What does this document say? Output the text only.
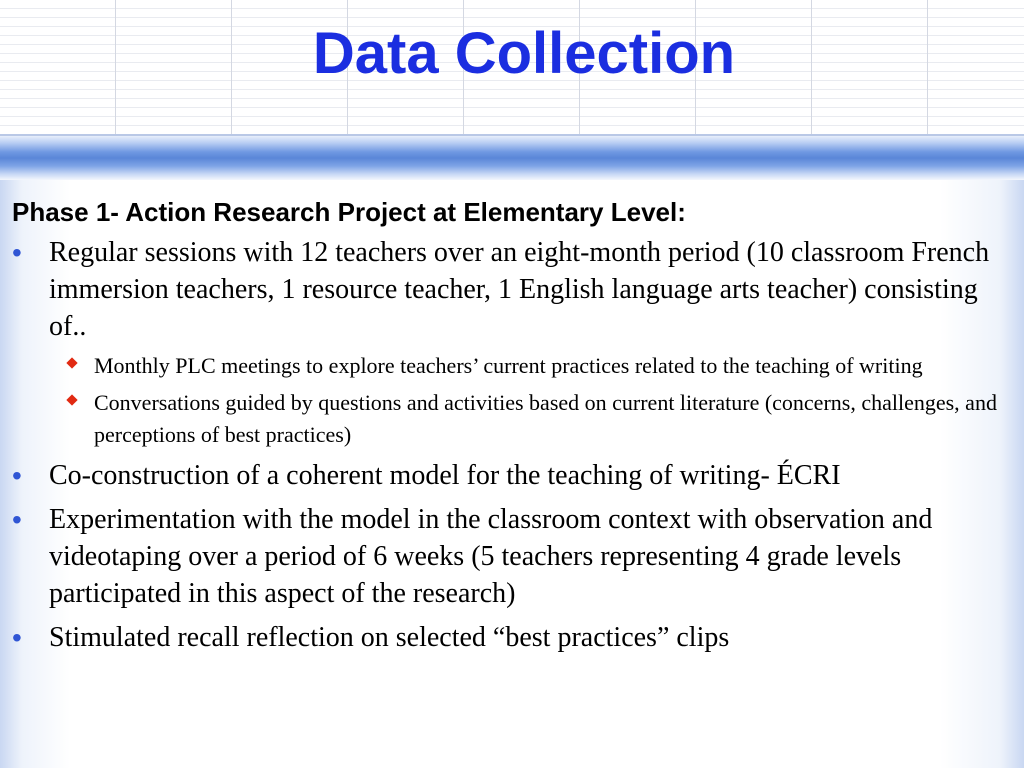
Data Collection
Phase 1- Action Research Project at Elementary Level:
• Regular sessions with 12 teachers over an eight-month period (10 classroom French immersion teachers, 1 resource teacher, 1 English language arts teacher) consisting of..
Monthly PLC meetings to explore teachers’ current practices related to the teaching of writing
Conversations guided by questions and activities based on current literature (concerns, challenges, and perceptions of best practices)
• Co-construction of a coherent model for the teaching of writing- ÉCRI
• Experimentation with the model in the classroom context with observation and videotaping over a period of 6 weeks (5 teachers representing 4 grade levels participated in this aspect of the research)
• Stimulated recall reflection on selected “best practices” clips
